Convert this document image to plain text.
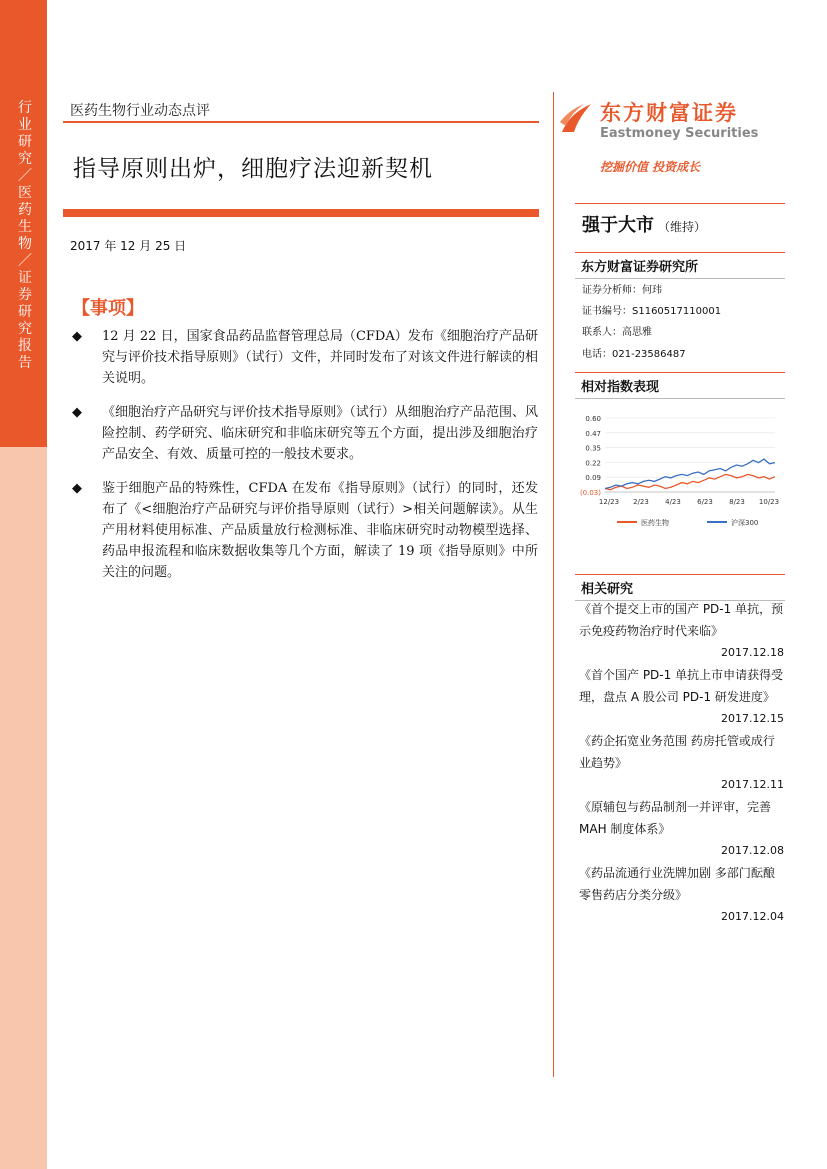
行业研究／医药生物／证券研究报告
医药生物行业动态点评
指导原则出炉，细胞疗法迎新契机
2017 年 12 月 25 日
【事项】
◆ 12 月 22 日，国家食品药品监督管理总局（CFDA）发布《细胞治疗产品研究与评价技术指导原则》（试行）文件，并同时发布了对该文件进行解读的相关说明。
◆ 《细胞治疗产品研究与评价技术指导原则》（试行）从细胞治疗产品范围、风险控制、药学研究、临床研究和非临床研究等五个方面，提出涉及细胞治疗产品安全、有效、质量可控的一般技术要求。
◆ 鉴于细胞产品的特殊性，CFDA 在发布《指导原则》（试行）的同时，还发布了《<细胞治疗产品研究与评价指导原则（试行）>相关问题解读》。从生产用材料使用标准、产品质量放行检测标准、非临床研究时动物模型选择、药品申报流程和临床数据收集等几个方面，解读了 19 项《指导原则》中所关注的问题。
东方财富证券
Eastmoney Securities
挖掘价值 投资成长
强于大市 （维持）
东方财富证券研究所
证券分析师：何玮
证书编号：S1160517110001
联系人：高思雅
电话：021-23586487
相对指数表现
0.60
0.47
0.35
0.22
0.09
(0.03)
12/23 2/23 4/23 6/23 8/23 10/23
医药生物	沪深300
相关研究
《首个提交上市的国产 PD-1 单抗，预示免疫药物治疗时代来临》
2017.12.18
《首个国产 PD-1 单抗上市申请获得受理，盘点 A 股公司 PD-1 研发进度》
2017.12.15
《药企拓宽业务范围 药房托管或成行业趋势》
2017.12.11
《原辅包与药品制剂一并评审，完善 MAH 制度体系》
2017.12.08
《药品流通行业洗牌加剧 多部门酝酿零售药店分类分级》
2017.12.04
